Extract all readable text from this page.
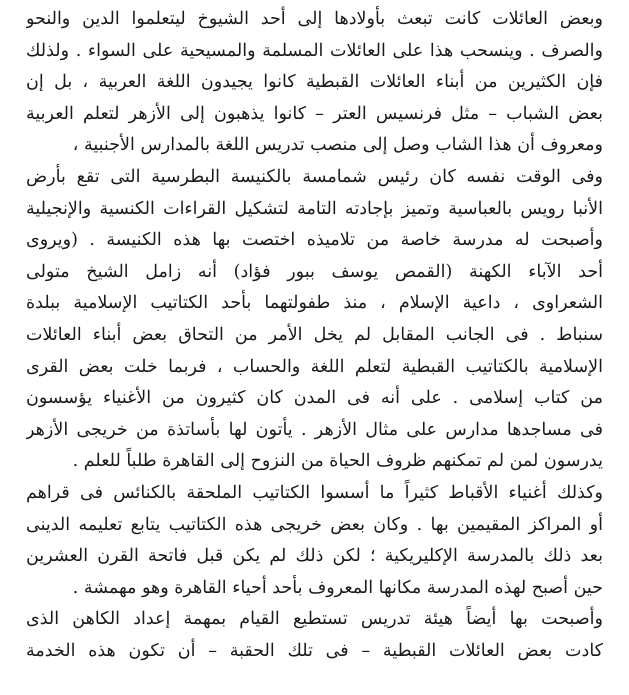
وبعض العائلات كانت تبعث بأولادها إلى أحد الشيوخ ليتعلموا الدين والنحو
والصرف . وينسحب هذا على العائلات المسلمة والمسيحية على السواء . ولذلك
فإن الكثيرين من أبناء العائلات القبطية كانوا يجيدون اللغة العربية ، بل إن
بعض الشباب – مثل فرنسيس العتر – كانوا يذهبون إلى الأزهر لتعلم العربية
ومعروف أن هذا الشاب وصل إلى منصب تدريس اللغة بالمدارس الأجنبية ،
وفى الوقت نفسه كان رئيس شمامسة بالكنيسة البطرسية التى تقع بأرض
الأنبا رويس بالعباسية وتميز بإجادته التامة لتشكيل القراءات الكنسية والإنجيلية
وأصبحت له مدرسة خاصة من تلاميذه اختصت بها هذه الكنيسة . (ويروى
أحد الآباء الكهنة (القمص يوسف ببور فؤاد) أنه زامل الشيخ متولى
الشعراوى ، داعية الإسلام ، منذ طفولتهما بأحد الكتاتيب الإسلامية ببلدة
سنباط . فى الجانب المقابل لم يخل الأمر من التحاق بعض أبناء العائلات
الإسلامية بالكتاتيب القبطية لتعلم اللغة والحساب ، فربما خلت بعض القرى
من كتاب إسلامى . على أنه فى المدن كان كثيرون من الأغنياء يؤسسون
فى مساجدها مدارس على مثال الأزهر . يأتون لها بأساتذة من خريجى الأزهر
يدرسون لمن لم تمكنهم ظروف الحياة من النزوح إلى القاهرة طلباً للعلم .
وكذلك أغنياء الأقباط كثيراً ما أسسوا الكتاتيب الملحقة بالكنائس فى قراهم
أو المراكز المقيمين بها . وكان بعض خريجى هذه الكتاتيب يتابع تعليمه الدينى
بعد ذلك بالمدرسة الإكليريكية ؛ لكن ذلك لم يكن قبل فاتحة القرن العشرين
حين أصبح لهذه المدرسة مكانها المعروف بأحد أحياء القاهرة وهو مهمشة .
وأصبحت بها أيضاً هيئة تدريس تستطيع القيام بمهمة إعداد الكاهن الذى
كادت بعض العائلات القبطية – فى تلك الحقبة – أن تكون هذه الخدمة
